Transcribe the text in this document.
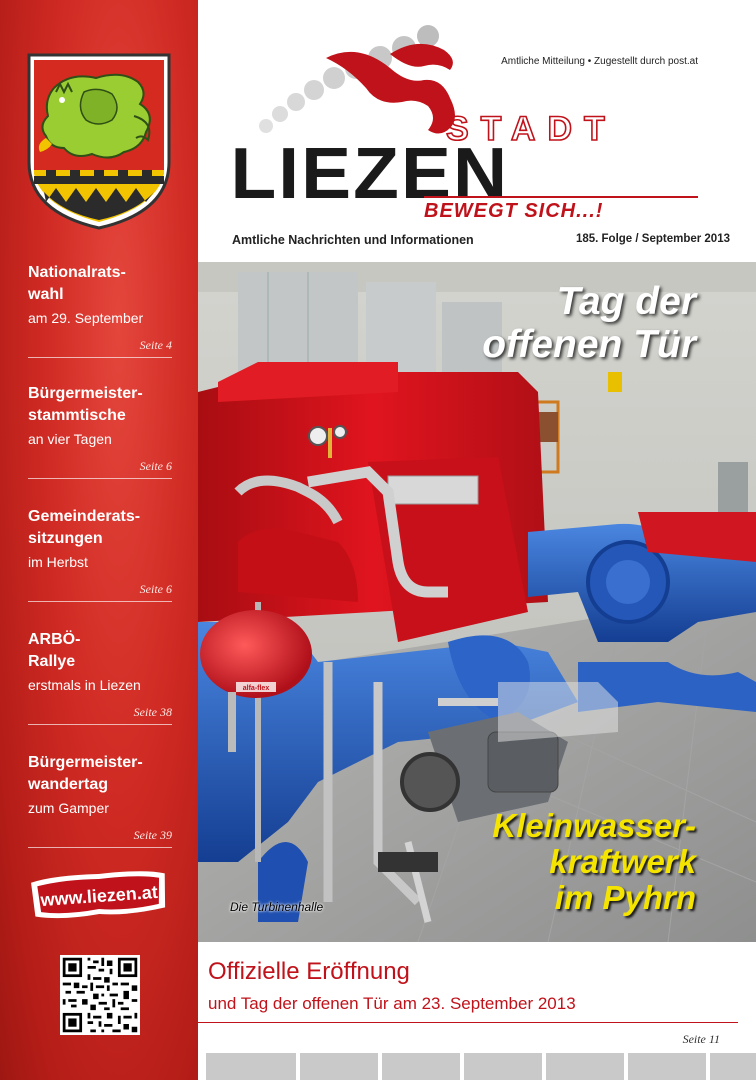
Nationalrats-
wahl
am 29. September
Seite 4
Bürgermeister-
stammtische
an vier Tagen
Seite 6
Gemeinderats-
sitzungen
im Herbst
Seite 6
ARBÖ-
Rallye
erstmals in Liezen
Seite 38
Bürgermeister-
wandertag
zum Gamper
Seite 39
www.liezen.at
STADT
LIEZEN
Amtliche Mitteilung • Zugestellt durch post.at
BEWEGT SICH...!
Amtliche Nachrichten und Informationen	185. Folge / September 2013
alfa-flex
Tag der
offenen Tür
Kleinwasser-
kraftwerk
im Pyhrn
Die Turbinenhalle
Offizielle Eröffnung
und Tag der offenen Tür am 23. September 2013
Seite 11
